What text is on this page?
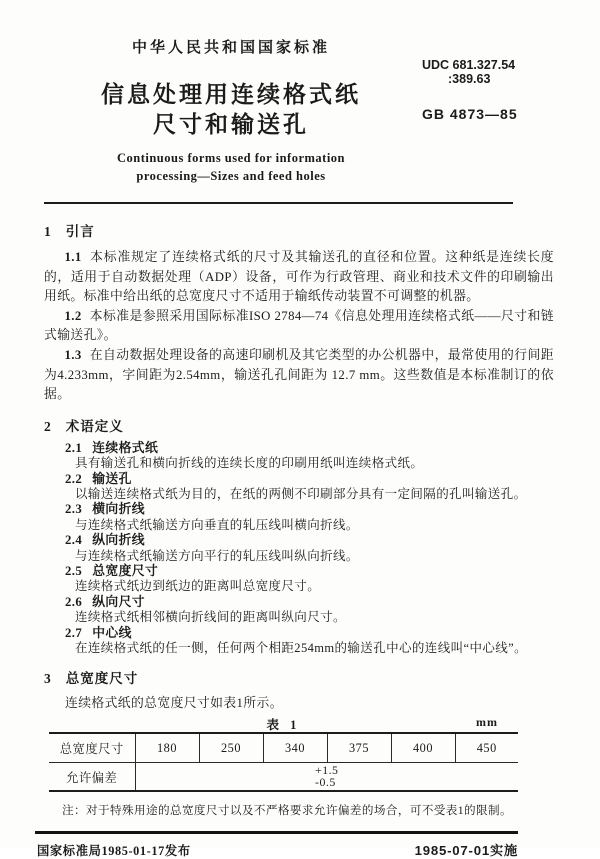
中华人民共和国国家标准
信息处理用连续格式纸
尺寸和输送孔
Continuous forms used for information
processing—Sizes and feed holes
UDC 681.327.54
:389.63
GB 4873—85
1 引言

1.1 本标准规定了连续格式纸的尺寸及其输送孔的直径和位置。这种纸是连续长度的，适用于自动数据处理（ADP）设备，可作为行政管理、商业和技术文件的印刷输出用纸。标准中给出纸的总宽度尺寸不适用于输纸传动装置不可调整的机器。

1.2 本标准是参照采用国际标准ISO 2784—74《信息处理用连续格式纸——尺寸和链式输送孔》。

1.3 在自动数据处理设备的高速印刷机及其它类型的办公机器中，最常使用的行间距为4.233mm，字间距为2.54mm，输送孔孔间距为 12.7 mm。这些数值是本标准制订的依据。

2 术语定义
2.1 连续格式纸
具有输送孔和横向折线的连续长度的印刷用纸叫连续格式纸。
2.2 输送孔
以输送连续格式纸为目的，在纸的两侧不印刷部分具有一定间隔的孔叫输送孔。
2.3 横向折线
与连续格式纸输送方向垂直的轧压线叫横向折线。
2.4 纵向折线
与连续格式纸输送方向平行的轧压线叫纵向折线。
2.5 总宽度尺寸
连续格式纸边到纸边的距离叫总宽度尺寸。
2.6 纵向尺寸
连续格式纸相邻横向折线间的距离叫纵向尺寸。
2.7 中心线
在连续格式纸的任一侧，任何两个相距254mm的输送孔中心的连线叫“中心线”。
3 总宽度尺寸
连续格式纸的总宽度尺寸如表1所示。
表 1	mm
总宽度尺寸	180	250	340	375	400	450
允许偏差	+1.5
-0.5					
注：对于特殊用途的总宽度尺寸以及不严格要求允许偏差的场合，可不受表1的限制。
国家标准局1985-01-17发布	1985-07-01实施
